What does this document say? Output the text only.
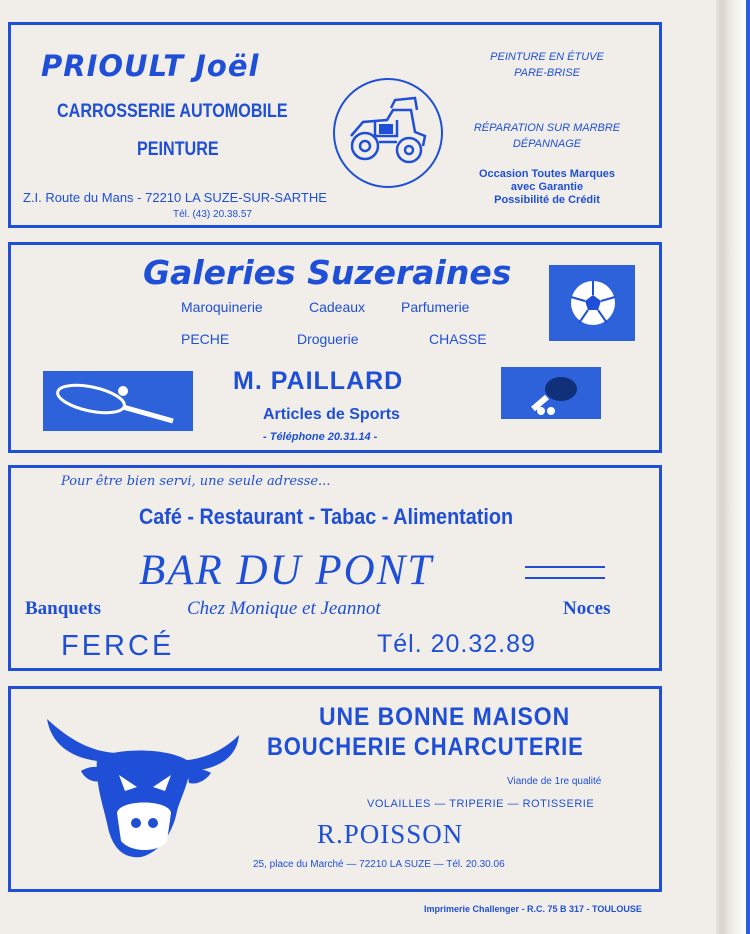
PRIOULT Joël
CARROSSERIE AUTOMOBILE
PEINTURE
PEINTURE EN ÉTUVE
PARE-BRISE
RÉPARATION SUR MARBRE
DÉPANNAGE
Occasion Toutes Marques
avec Garantie
Possibilité de Crédit
Z.I. Route du Mans - 72210 LA SUZE-SUR-SARTHE
Tél. (43) 20.38.57
Galeries Suzeraines
Maroquinerie	Cadeaux	Parfumerie
PECHE	Droguerie	CHASSE
M. PAILLARD
Articles de Sports
- Téléphone 20.31.14 -
Pour être bien servi, une seule adresse...
Café - Restaurant - Tabac - Alimentation
BAR DU PONT
Banquets	Chez Monique et Jeannot	Noces
FERCÉ	Tél. 20.32.89
UNE BONNE MAISON
BOUCHERIE CHARCUTERIE
Viande de 1re qualité
VOLAILLES — TRIPERIE — ROTISSERIE
R.POISSON
25, place du Marché — 72210 LA SUZE — Tél. 20.30.06
Imprimerie Challenger - R.C. 75 B 317 - TOULOUSE
